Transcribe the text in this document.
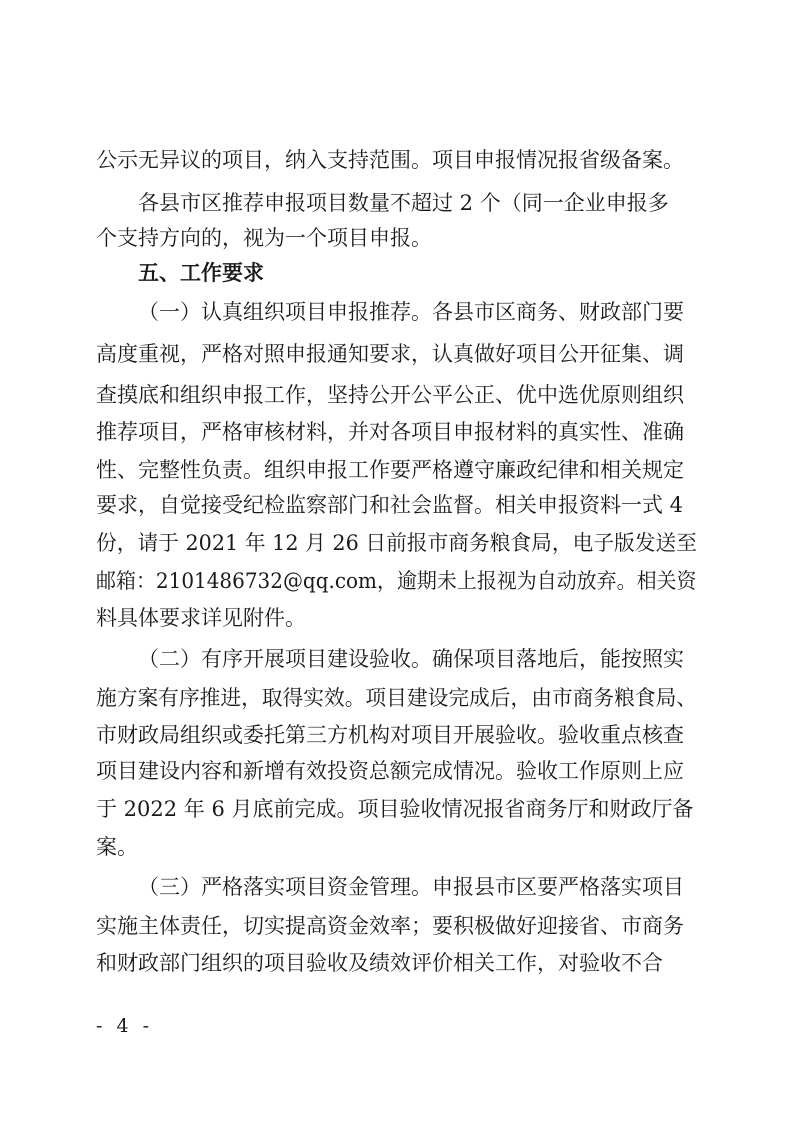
公示无异议的项目，纳入支持范围。项目申报情况报省级备案。
各县市区推荐申报项目数量不超过 2 个（同一企业申报多
个支持方向的，视为一个项目申报。
五、工作要求
（一）认真组织项目申报推荐。各县市区商务、财政部门要
高度重视，严格对照申报通知要求，认真做好项目公开征集、调
查摸底和组织申报工作，坚持公开公平公正、优中选优原则组织
推荐项目，严格审核材料，并对各项目申报材料的真实性、准确
性、完整性负责。组织申报工作要严格遵守廉政纪律和相关规定
要求，自觉接受纪检监察部门和社会监督。相关申报资料一式 4
份，请于 2021 年 12 月 26 日前报市商务粮食局，电子版发送至
邮箱：2101486732@qq.com，逾期未上报视为自动放弃。相关资
料具体要求详见附件。
（二）有序开展项目建设验收。确保项目落地后，能按照实
施方案有序推进，取得实效。项目建设完成后，由市商务粮食局、
市财政局组织或委托第三方机构对项目开展验收。验收重点核查
项目建设内容和新增有效投资总额完成情况。验收工作原则上应
于 2022 年 6 月底前完成。项目验收情况报省商务厅和财政厅备
案。
（三）严格落实项目资金管理。申报县市区要严格落实项目
实施主体责任，切实提高资金效率；要积极做好迎接省、市商务
和财政部门组织的项目验收及绩效评价相关工作，对验收不合
- 4 -
